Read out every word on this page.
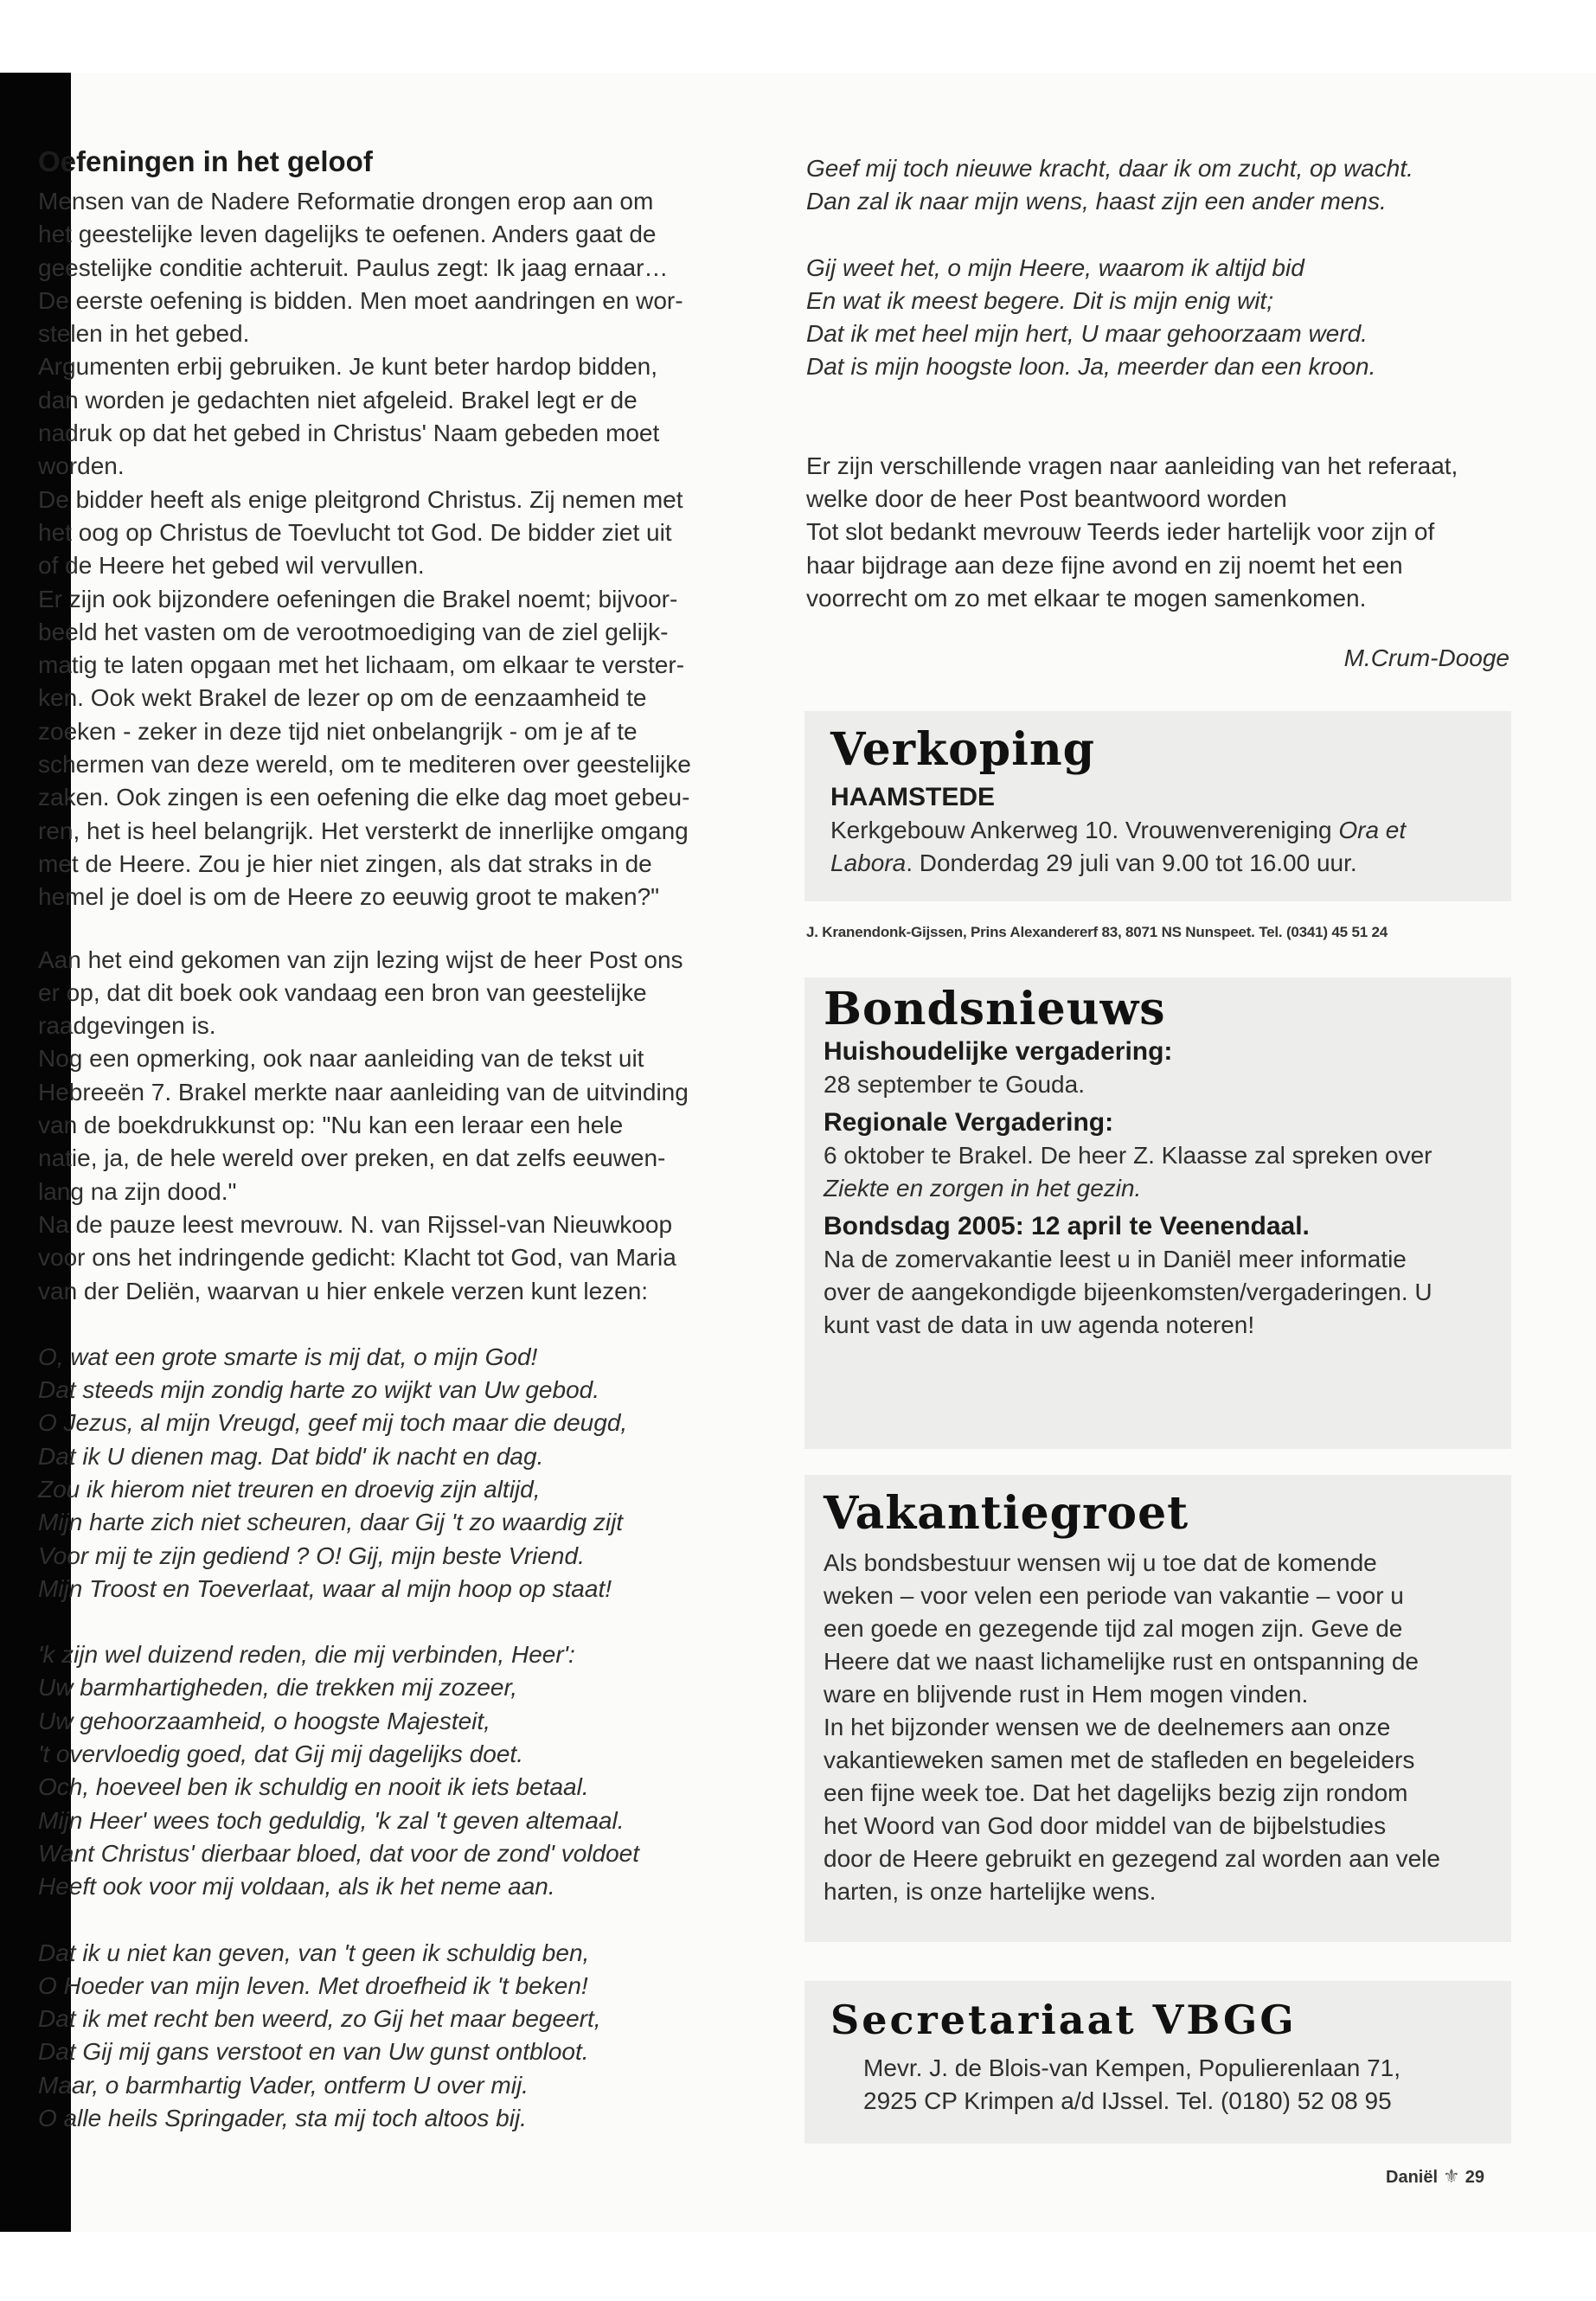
Oefeningen in het geloof

Mensen van de Nadere Reformatie drongen erop aan om

het geestelijke leven dagelijks te oefenen. Anders gaat de

geestelijke conditie achteruit. Paulus zegt: Ik jaag ernaar…

De eerste oefening is bidden. Men moet aandringen en wor-

stelen in het gebed.

Argumenten erbij gebruiken. Je kunt beter hardop bidden,

dan worden je gedachten niet afgeleid. Brakel legt er de

nadruk op dat het gebed in Christus' Naam gebeden moet

worden.

De bidder heeft als enige pleitgrond Christus. Zij nemen met

het oog op Christus de Toevlucht tot God. De bidder ziet uit

of de Heere het gebed wil vervullen.

Er zijn ook bijzondere oefeningen die Brakel noemt; bijvoor-

beeld het vasten om de verootmoediging van de ziel gelijk-

matig te laten opgaan met het lichaam, om elkaar te verster-

ken. Ook wekt Brakel de lezer op om de eenzaamheid te

zoeken - zeker in deze tijd niet onbelangrijk - om je af te

schermen van deze wereld, om te mediteren over geestelijke

zaken. Ook zingen is een oefening die elke dag moet gebeu-

ren, het is heel belangrijk. Het versterkt de innerlijke omgang

met de Heere. Zou je hier niet zingen, als dat straks in de

hemel je doel is om de Heere zo eeuwig groot te maken?"

Aan het eind gekomen van zijn lezing wijst de heer Post ons

er op, dat dit boek ook vandaag een bron van geestelijke

raadgevingen is.

Nog een opmerking, ook naar aanleiding van de tekst uit

Hebreeën 7. Brakel merkte naar aanleiding van de uitvinding

van de boekdrukkunst op: "Nu kan een leraar een hele

natie, ja, de hele wereld over preken, en dat zelfs eeuwen-

lang na zijn dood."

Na de pauze leest mevrouw. N. van Rijssel-van Nieuwkoop

voor ons het indringende gedicht: Klacht tot God, van Maria

van der Deliën, waarvan u hier enkele verzen kunt lezen:

O, wat een grote smarte is mij dat, o mijn God!

Dat steeds mijn zondig harte zo wijkt van Uw gebod.

O Jezus, al mijn Vreugd, geef mij toch maar die deugd,

Dat ik U dienen mag. Dat bidd' ik nacht en dag.

Zou ik hierom niet treuren en droevig zijn altijd,

Mijn harte zich niet scheuren, daar Gij 't zo waardig zijt

Voor mij te zijn gediend ? O! Gij, mijn beste Vriend.

Mijn Troost en Toeverlaat, waar al mijn hoop op staat!

'k zijn wel duizend reden, die mij verbinden, Heer':

Uw barmhartigheden, die trekken mij zozeer,

Uw gehoorzaamheid, o hoogste Majesteit,

't overvloedig goed, dat Gij mij dagelijks doet.

Och, hoeveel ben ik schuldig en nooit ik iets betaal.

Mijn Heer' wees toch geduldig, 'k zal 't geven altemaal.

Want Christus' dierbaar bloed, dat voor de zond' voldoet

Heeft ook voor mij voldaan, als ik het neme aan.

Dat ik u niet kan geven, van 't geen ik schuldig ben,

O Hoeder van mijn leven. Met droefheid ik 't beken!

Dat ik met recht ben weerd, zo Gij het maar begeert,

Dat Gij mij gans verstoot en van Uw gunst ontbloot.

Maar, o barmhartig Vader, ontferm U over mij.

O alle heils Springader, sta mij toch altoos bij.

Geef mij toch nieuwe kracht, daar ik om zucht, op wacht.

Dan zal ik naar mijn wens, haast zijn een ander mens.

Gij weet het, o mijn Heere, waarom ik altijd bid

En wat ik meest begere. Dit is mijn enig wit;

Dat ik met heel mijn hert, U maar gehoorzaam werd.

Dat is mijn hoogste loon. Ja, meerder dan een kroon.

Er zijn verschillende vragen naar aanleiding van het referaat,

welke door de heer Post beantwoord worden

Tot slot bedankt mevrouw Teerds ieder hartelijk voor zijn of

haar bijdrage aan deze fijne avond en zij noemt het een

voorrecht om zo met elkaar te mogen samenkomen.

M.Crum-Dooge
Verkoping

HAAMSTEDE

Kerkgebouw Ankerweg 10. Vrouwenvereniging Ora et

Labora. Donderdag 29 juli van 9.00 tot 16.00 uur.

J. Kranendonk-Gijssen, Prins Alexandererf 83, 8071 NS Nunspeet. Tel. (0341) 45 51 24
Bondsnieuws

Huishoudelijke vergadering:

28 september te Gouda.

Regionale Vergadering:

6 oktober te Brakel. De heer Z. Klaasse zal spreken over

Ziekte en zorgen in het gezin.

Bondsdag 2005: 12 april te Veenendaal.

Na de zomervakantie leest u in Daniël meer informatie

over de aangekondigde bijeenkomsten/vergaderingen. U

kunt vast de data in uw agenda noteren!

Vakantiegroet

Als bondsbestuur wensen wij u toe dat de komende

weken – voor velen een periode van vakantie – voor u

een goede en gezegende tijd zal mogen zijn. Geve de

Heere dat we naast lichamelijke rust en ontspanning de

ware en blijvende rust in Hem mogen vinden.

In het bijzonder wensen we de deelnemers aan onze

vakantieweken samen met de stafleden en begeleiders

een fijne week toe. Dat het dagelijks bezig zijn rondom

het Woord van God door middel van de bijbelstudies

door de Heere gebruikt en gezegend zal worden aan vele

harten, is onze hartelijke wens.

Secretariaat VBGG

Mevr. J. de Blois-van Kempen, Populierenlaan 71,

2925 CP Krimpen a/d IJssel. Tel. (0180) 52 08 95

Daniël ⚜ 29
